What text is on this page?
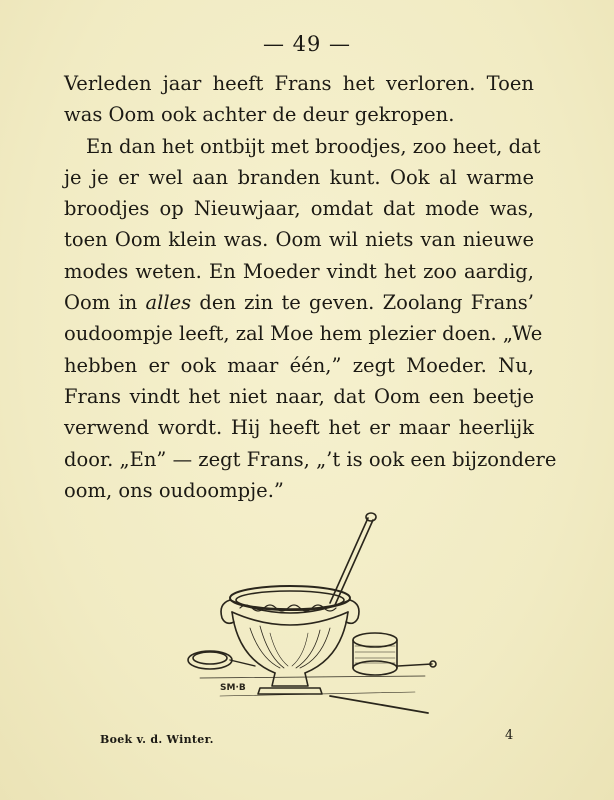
— 49 —
Verleden jaar heeft Frans het verloren. Toen
was Oom ook achter de deur gekropen.
En dan het ontbijt met broodjes, zoo heet, dat
je je er wel aan branden kunt. Ook al warme
broodjes op Nieuwjaar, omdat dat mode was,
toen Oom klein was. Oom wil niets van nieuwe
modes weten. En Moeder vindt het zoo aardig,
Oom in alles den zin te geven. Zoolang Frans’
oudoompje leeft, zal Moe hem plezier doen. „We
hebben er ook maar één,” zegt Moeder. Nu,
Frans vindt het niet naar, dat Oom een beetje
verwend wordt. Hij heeft het er maar heerlijk
door. „En” — zegt Frans, „’t is ook een bijzondere
oom, ons oudoompje.”
SM·B
Boek v. d. Winter.	4
